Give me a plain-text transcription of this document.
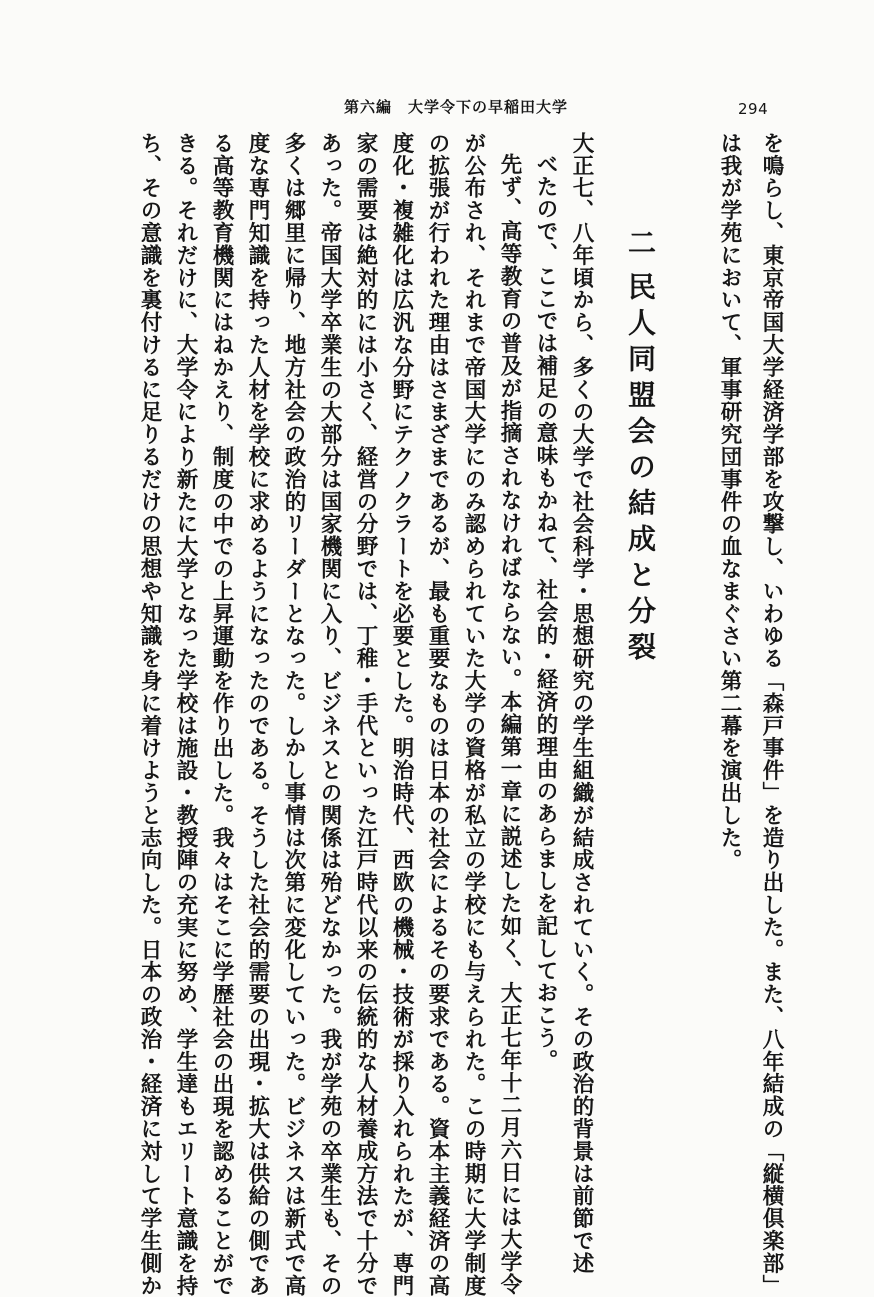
第六編　大学令下の早稲田大学	294
を鳴らし、東京帝国大学経済学部を攻撃し、いわゆる「森戸事件」を造り出した。また、八年結成の「縦横倶楽部」
は我が学苑において、軍事研究団事件の血なまぐさい第二幕を演出した。
二民人同盟会の結成と分裂
大正七、八年頃から、多くの大学で社会科学・思想研究の学生組織が結成されていく。その政治的背景は前節で述
べたので、ここでは補足の意味もかねて、社会的・経済的理由のあらましを記しておこう。
先ず、高等教育の普及が指摘されなければならない。本編第一章に説述した如く、大正七年十二月六日には大学令
が公布され、それまで帝国大学にのみ認められていた大学の資格が私立の学校にも与えられた。この時期に大学制度
の拡張が行われた理由はさまざまであるが、最も重要なものは日本の社会によるその要求である。資本主義経済の高
度化・複雑化は広汎な分野にテクノクラートを必要とした。明治時代、西欧の機械・技術が採り入れられたが、専門
家の需要は絶対的には小さく、経営の分野では、丁稚・手代といった江戸時代以来の伝統的な人材養成方法で十分で
あった。帝国大学卒業生の大部分は国家機関に入り、ビジネスとの関係は殆どなかった。我が学苑の卒業生も、その
多くは郷里に帰り、地方社会の政治的リーダーとなった。しかし事情は次第に変化していった。ビジネスは新式で高
度な専門知識を持った人材を学校に求めるようになったのである。そうした社会的需要の出現・拡大は供給の側であ
る高等教育機関にはねかえり、制度の中での上昇運動を作り出した。我々はそこに学歴社会の出現を認めることがで
きる。それだけに、大学令により新たに大学となった学校は施設・教授陣の充実に努め、学生達もエリート意識を持
ち、その意識を裏付けるに足りるだけの思想や知識を身に着けようと志向した。日本の政治・経済に対して学生側か
